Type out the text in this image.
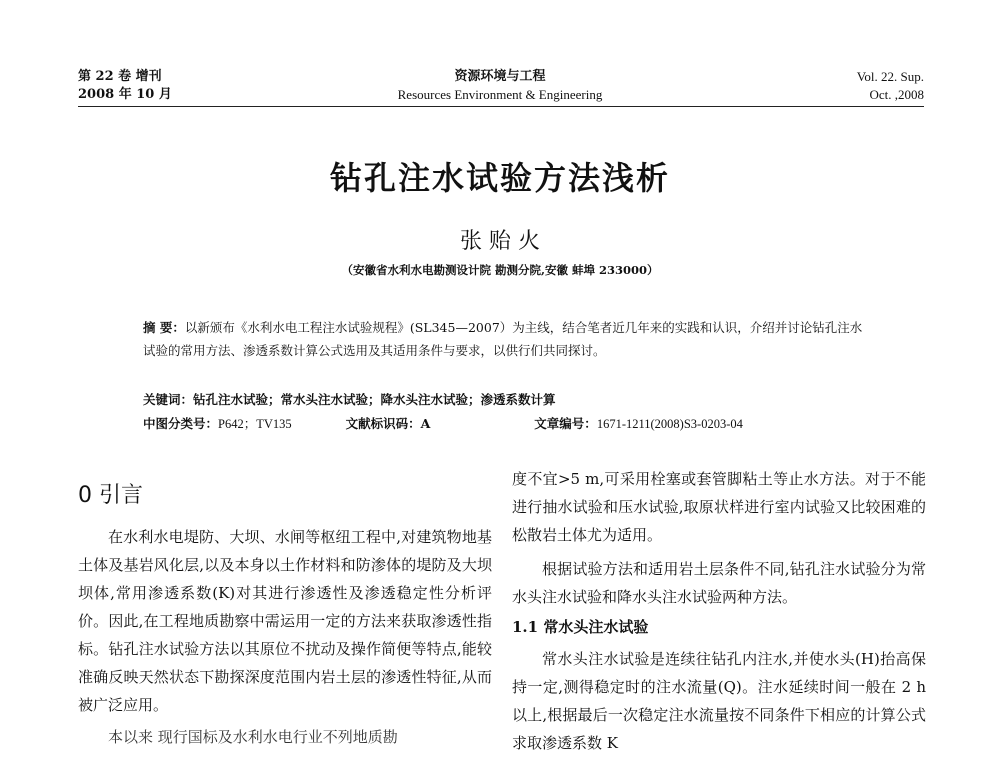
第 22 卷 增刊
2008 年 10 月
资源环境与工程
Resources Environment & Engineering
Vol. 22. Sup.
Oct. ,2008
钻孔注水试验方法浅析
张 贻 火
（安徽省水利水电勘测设计院 勘测分院,安徽 蚌埠 233000）
摘 要：以新颁布《水利水电工程注水试验规程》(SL345—2007）为主线，结合笔者近几年来的实践和认识，介绍并讨论钻孔注水试验的常用方法、渗透系数计算公式选用及其适用条件与要求，以供行们共同探讨。
关键词：钻孔注水试验；常水头注水试验；降水头注水试验；渗透系数计算
中图分类号：P642；TV135	文献标识码：A	文章编号：1671-1211(2008)S3-0203-04
0 引言

在水利水电堤防、大坝、水闸等枢纽工程中,对建筑物地基土体及基岩风化层,以及本身以土作材料和防渗体的堤防及大坝坝体,常用渗透系数(K)对其进行渗透性及渗透稳定性分析评价。因此,在工程地质勘察中需运用一定的方法来获取渗透性指标。钻孔注水试验方法以其原位不扰动及操作简便等特点,能较准确反映天然状态下勘探深度范围内岩土层的渗透性特征,从而被广泛应用。

本以来 现行国标及水利水电行业不列地质勘

度不宜>5 m,可采用栓塞或套管脚粘土等止水方法。对于不能进行抽水试验和压水试验,取原状样进行室内试验又比较困难的松散岩土体尤为适用。

根据试验方法和适用岩土层条件不同,钻孔注水试验分为常水头注水试验和降水头注水试验两种方法。

1.1 常水头注水试验

常水头注水试验是连续往钻孔内注水,并使水头(H)抬高保持一定,测得稳定时的注水流量(Q)。注水延续时间一般在 2 h 以上,根据最后一次稳定注水流量按不同条件下相应的计算公式求取渗透系数 K
